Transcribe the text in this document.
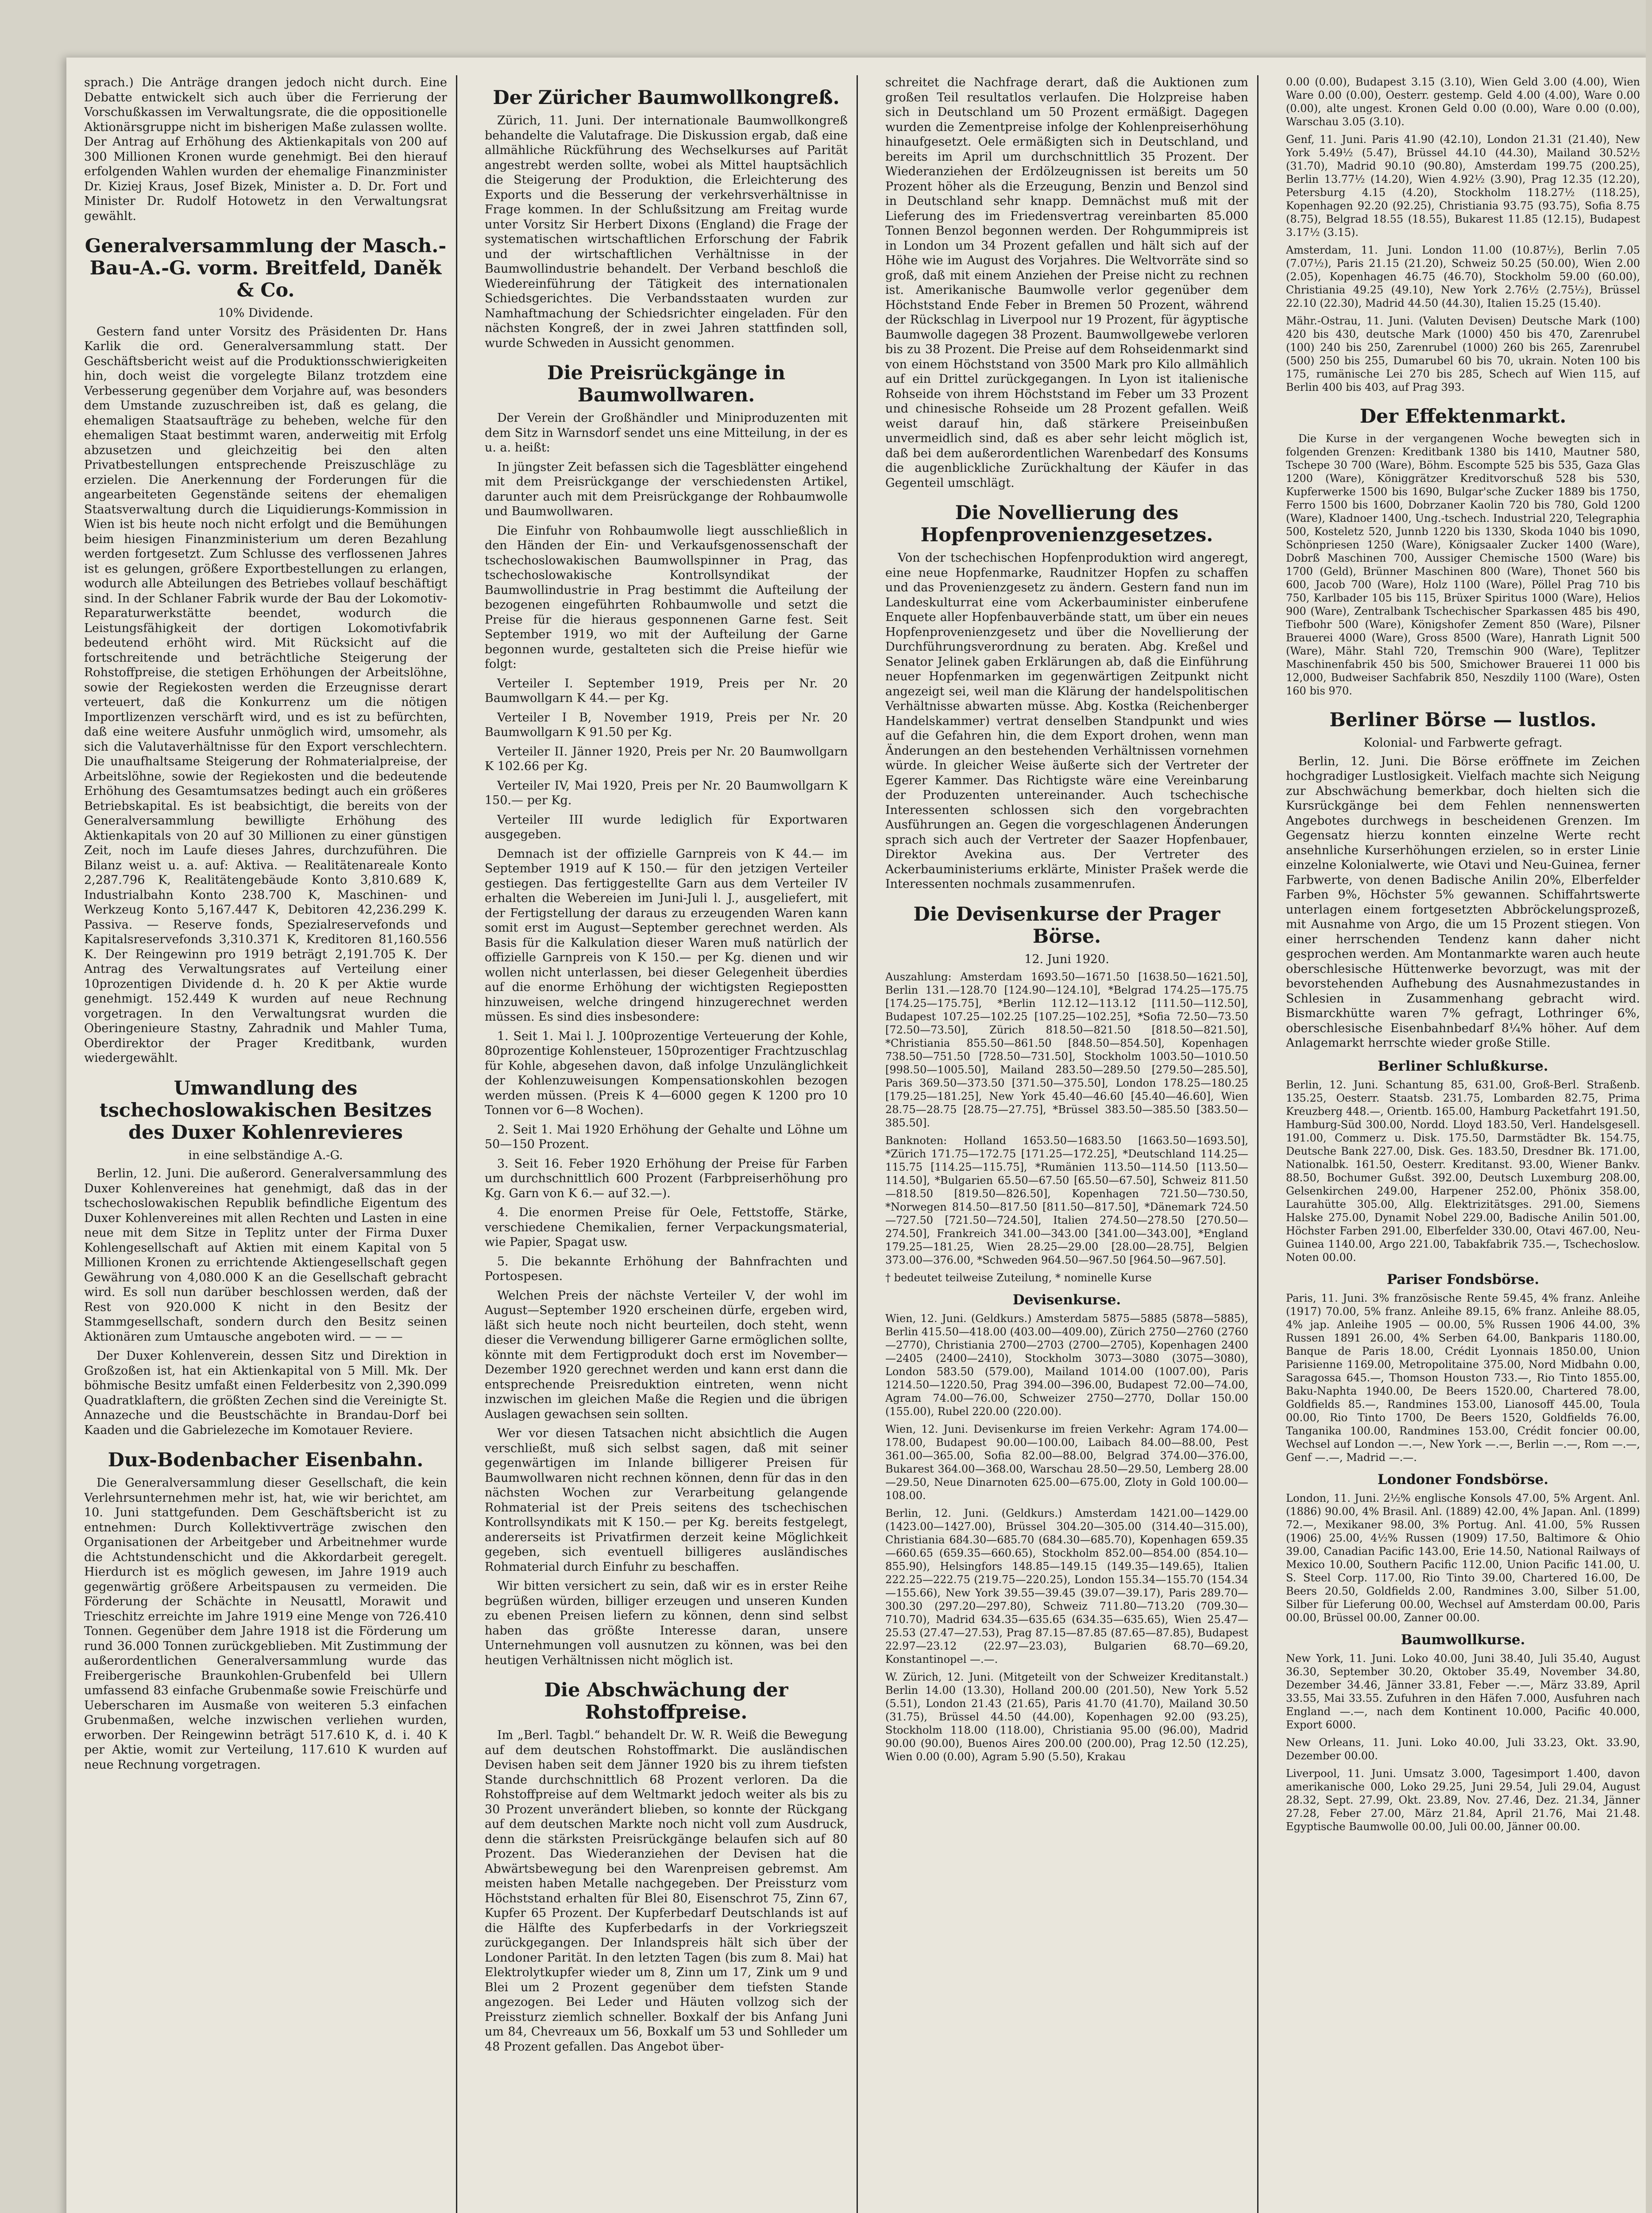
sprach.) Die Anträge drangen jedoch nicht durch. Eine Debatte entwickelt sich auch über die Ferrierung der Vorschußkassen im Verwaltungsrate, die die oppositionelle Aktionärsgruppe nicht im bisherigen Maße zulassen wollte. Der Antrag auf Erhöhung des Aktienkapitals von 200 auf 300 Millionen Kronen wurde genehmigt. Bei den hierauf erfolgenden Wahlen wurden der ehemalige Finanzminister Dr. Kiziej Kraus, Josef Bizek, Minister a. D. Dr. Fort und Minister Dr. Rudolf Hotowetz in den Verwaltungsrat gewählt.

Generalversammlung der Masch.-Bau-A.-G. vorm. Breitfeld, Daněk & Co.

10% Dividende.

Gestern fand unter Vorsitz des Präsidenten Dr. Hans Karlik die ord. Generalversammlung statt. Der Geschäftsbericht weist auf die Produktionsschwierigkeiten hin, doch weist die vorgelegte Bilanz trotzdem eine Verbesserung gegenüber dem Vorjahre auf, was besonders dem Umstande zuzuschreiben ist, daß es gelang, die ehemaligen Staatsaufträge zu beheben, welche für den ehemaligen Staat bestimmt waren, anderweitig mit Erfolg abzusetzen und gleichzeitig bei den alten Privatbestellungen entsprechende Preiszuschläge zu erzielen. Die Anerkennung der Forderungen für die angearbeiteten Gegenstände seitens der ehemaligen Staatsverwaltung durch die Liquidierungs-Kommission in Wien ist bis heute noch nicht erfolgt und die Bemühungen beim hiesigen Finanzministerium um deren Bezahlung werden fortgesetzt. Zum Schlusse des verflossenen Jahres ist es gelungen, größere Exportbestellungen zu erlangen, wodurch alle Abteilungen des Betriebes vollauf beschäftigt sind. In der Schlaner Fabrik wurde der Bau der Lokomotiv-Reparaturwerkstätte beendet, wodurch die Leistungsfähigkeit der dortigen Lokomotivfabrik bedeutend erhöht wird. Mit Rücksicht auf die fortschreitende und beträchtliche Steigerung der Rohstoffpreise, die stetigen Erhöhungen der Arbeitslöhne, sowie der Regiekosten werden die Erzeugnisse derart verteuert, daß die Konkurrenz um die nötigen Importlizenzen verschärft wird, und es ist zu befürchten, daß eine weitere Ausfuhr unmöglich wird, umsomehr, als sich die Valutaverhältnisse für den Export verschlechtern. Die unaufhaltsame Steigerung der Rohmaterialpreise, der Arbeitslöhne, sowie der Regiekosten und die bedeutende Erhöhung des Gesamtumsatzes bedingt auch ein größeres Betriebskapital. Es ist beabsichtigt, die bereits von der Generalversammlung bewilligte Erhöhung des Aktienkapitals von 20 auf 30 Millionen zu einer günstigen Zeit, noch im Laufe dieses Jahres, durchzuführen. Die Bilanz weist u. a. auf: Aktiva. — Realitätenareale Konto 2,287.796 K, Realitätengebäude Konto 3,810.689 K, Industrialbahn Konto 238.700 K, Maschinen- und Werkzeug Konto 5,167.447 K, Debitoren 42,236.299 K. Passiva. — Reserve fonds, Spezialreservefonds und Kapitalsreservefonds 3,310.371 K, Kreditoren 81,160.556 K. Der Reingewinn pro 1919 beträgt 2,191.705 K. Der Antrag des Verwaltungsrates auf Verteilung einer 10prozentigen Dividende d. h. 20 K per Aktie wurde genehmigt. 152.449 K wurden auf neue Rechnung vorgetragen. In den Verwaltungsrat wurden die Oberingenieure Stastny, Zahradnik und Mahler Tuma, Oberdirektor der Prager Kreditbank, wurden wiedergewählt.

Umwandlung des tschechoslowakischen Besitzes des Duxer Kohlenrevieres

in eine selbständige A.-G.

Berlin, 12. Juni. Die außerord. Generalversammlung des Duxer Kohlenvereines hat genehmigt, daß das in der tschechoslowakischen Republik befindliche Eigentum des Duxer Kohlenvereines mit allen Rechten und Lasten in eine neue mit dem Sitze in Teplitz unter der Firma Duxer Kohlengesellschaft auf Aktien mit einem Kapital von 5 Millionen Kronen zu errichtende Aktiengesellschaft gegen Gewährung von 4,080.000 K an die Gesellschaft gebracht wird. Es soll nun darüber beschlossen werden, daß der Rest von 920.000 K nicht in den Besitz der Stammgesellschaft, sondern durch den Besitz seinen Aktionären zum Umtausche angeboten wird. — — —

Der Duxer Kohlenverein, dessen Sitz und Direktion in Großzoßen ist, hat ein Aktienkapital von 5 Mill. Mk. Der böhmische Besitz umfaßt einen Felderbesitz von 2,390.099 Quadratklaftern, die größten Zechen sind die Vereinigte St. Annazeche und die Beustschächte in Brandau-Dorf bei Kaaden und die Gabrielezeche im Komotauer Reviere.

Dux-Bodenbacher Eisenbahn.

Die Generalversammlung dieser Gesellschaft, die kein Verlehrsunternehmen mehr ist, hat, wie wir berichtet, am 10. Juni stattgefunden. Dem Geschäftsbericht ist zu entnehmen: Durch Kollektivverträge zwischen den Organisationen der Arbeitgeber und Arbeitnehmer wurde die Achtstundenschicht und die Akkordarbeit geregelt. Hierdurch ist es möglich gewesen, im Jahre 1919 auch gegenwärtig größere Arbeitspausen zu vermeiden. Die Förderung der Schächte in Neusattl, Morawit und Trieschitz erreichte im Jahre 1919 eine Menge von 726.410 Tonnen. Gegenüber dem Jahre 1918 ist die Förderung um rund 36.000 Tonnen zurückgeblieben. Mit Zustimmung der außerordentlichen Generalversammlung wurde das Freibergerische Braunkohlen-Grubenfeld bei Ullern umfassend 83 einfache Grubenmaße sowie Freischürfe und Ueberscharen im Ausmaße von weiteren 5.3 einfachen Grubenmaßen, welche inzwischen verliehen wurden, erworben. Der Reingewinn beträgt 517.610 K, d. i. 40 K per Aktie, womit zur Verteilung, 117.610 K wurden auf neue Rechnung vorgetragen.

Der Züricher Baumwollkongreß.

Zürich, 11. Juni. Der internationale Baumwollkongreß behandelte die Valutafrage. Die Diskussion ergab, daß eine allmähliche Rückführung des Wechselkurses auf Parität angestrebt werden sollte, wobei als Mittel hauptsächlich die Steigerung der Produktion, die Erleichterung des Exports und die Besserung der verkehrsverhältnisse in Frage kommen. In der Schlußsitzung am Freitag wurde unter Vorsitz Sir Herbert Dixons (England) die Frage der systematischen wirtschaftlichen Erforschung der Fabrik und der wirtschaftlichen Verhältnisse in der Baumwollindustrie behandelt. Der Verband beschloß die Wiedereinführung der Tätigkeit des internationalen Schiedsgerichtes. Die Verbandsstaaten wurden zur Namhaftmachung der Schiedsrichter eingeladen. Für den nächsten Kongreß, der in zwei Jahren stattfinden soll, wurde Schweden in Aussicht genommen.

Die Preisrückgänge in Baumwollwaren.

Der Verein der Großhändler und Miniproduzenten mit dem Sitz in Warnsdorf sendet uns eine Mitteilung, in der es u. a. heißt:

In jüngster Zeit befassen sich die Tagesblätter eingehend mit dem Preisrückgange der verschiedensten Artikel, darunter auch mit dem Preisrückgange der Rohbaumwolle und Baumwollwaren.

Die Einfuhr von Rohbaumwolle liegt ausschließlich in den Händen der Ein- und Verkaufsgenossenschaft der tschechoslowakischen Baumwollspinner in Prag, das tschechoslowakische Kontrollsyndikat der Baumwollindustrie in Prag bestimmt die Aufteilung der bezogenen eingeführten Rohbaumwolle und setzt die Preise für die hieraus gesponnenen Garne fest. Seit September 1919, wo mit der Aufteilung der Garne begonnen wurde, gestalteten sich die Preise hiefür wie folgt:

Verteiler I. September 1919, Preis per Nr. 20 Baumwollgarn K 44.— per Kg.

Verteiler I B, November 1919, Preis per Nr. 20 Baumwollgarn K 91.50 per Kg.

Verteiler II. Jänner 1920, Preis per Nr. 20 Baumwollgarn K 102.66 per Kg.

Verteiler IV, Mai 1920, Preis per Nr. 20 Baumwollgarn K 150.— per Kg.

Verteiler III wurde lediglich für Exportwaren ausgegeben.

Demnach ist der offizielle Garnpreis von K 44.— im September 1919 auf K 150.— für den jetzigen Verteiler gestiegen. Das fertiggestellte Garn aus dem Verteiler IV erhalten die Webereien im Juni-Juli l. J., ausgeliefert, mit der Fertigstellung der daraus zu erzeugenden Waren kann somit erst im August—September gerechnet werden. Als Basis für die Kalkulation dieser Waren muß natürlich der offizielle Garnpreis von K 150.— per Kg. dienen und wir wollen nicht unterlassen, bei dieser Gelegenheit überdies auf die enorme Erhöhung der wichtigsten Regiepostten hinzuweisen, welche dringend hinzugerechnet werden müssen. Es sind dies insbesondere:

1. Seit 1. Mai l. J. 100prozentige Verteuerung der Kohle, 80prozentige Kohlensteuer, 150prozentiger Frachtzuschlag für Kohle, abgesehen davon, daß infolge Unzulänglichkeit der Kohlenzuweisungen Kompensationskohlen bezogen werden müssen. (Preis K 4—6000 gegen K 1200 pro 10 Tonnen vor 6—8 Wochen).

2. Seit 1. Mai 1920 Erhöhung der Gehalte und Löhne um 50—150 Prozent.

3. Seit 16. Feber 1920 Erhöhung der Preise für Farben um durchschnittlich 600 Prozent (Farbpreiserhöhung pro Kg. Garn von K 6.— auf 32.—).

4. Die enormen Preise für Oele, Fettstoffe, Stärke, verschiedene Chemikalien, ferner Verpackungsmaterial, wie Papier, Spagat usw.

5. Die bekannte Erhöhung der Bahnfrachten und Portospesen.

Welchen Preis der nächste Verteiler V, der wohl im August—September 1920 erscheinen dürfe, ergeben wird, läßt sich heute noch nicht beurteilen, doch steht, wenn dieser die Verwendung billigerer Garne ermöglichen sollte, könnte mit dem Fertigprodukt doch erst im November—Dezember 1920 gerechnet werden und kann erst dann die entsprechende Preisreduktion eintreten, wenn nicht inzwischen im gleichen Maße die Regien und die übrigen Auslagen gewachsen sein sollten.

Wer vor diesen Tatsachen nicht absichtlich die Augen verschließt, muß sich selbst sagen, daß mit seiner gegenwärtigen im Inlande billigerer Preisen für Baumwollwaren nicht rechnen können, denn für das in den nächsten Wochen zur Verarbeitung gelangende Rohmaterial ist der Preis seitens des tschechischen Kontrollsyndikats mit K 150.— per Kg. bereits festgelegt, andererseits ist Privatfirmen derzeit keine Möglichkeit gegeben, sich eventuell billigeres ausländisches Rohmaterial durch Einfuhr zu beschaffen.

Wir bitten versichert zu sein, daß wir es in erster Reihe begrüßen würden, billiger erzeugen und unseren Kunden zu ebenen Preisen liefern zu können, denn sind selbst haben das größte Interesse daran, unsere Unternehmungen voll ausnutzen zu können, was bei den heutigen Verhältnissen nicht möglich ist.

Die Abschwächung der Rohstoffpreise.

Im „Berl. Tagbl.“ behandelt Dr. W. R. Weiß die Bewegung auf dem deutschen Rohstoffmarkt. Die ausländischen Devisen haben seit dem Jänner 1920 bis zu ihrem tiefsten Stande durchschnittlich 68 Prozent verloren. Da die Rohstoffpreise auf dem Weltmarkt jedoch weiter als bis zu 30 Prozent unverändert blieben, so konnte der Rückgang auf dem deutschen Markte noch nicht voll zum Ausdruck, denn die stärksten Preisrückgänge belaufen sich auf 80 Prozent. Das Wiederanziehen der Devisen hat die Abwärtsbewegung bei den Warenpreisen gebremst. Am meisten haben Metalle nachgegeben. Der Preissturz vom Höchststand erhalten für Blei 80, Eisenschrot 75, Zinn 67, Kupfer 65 Prozent. Der Kupferbedarf Deutschlands ist auf die Hälfte des Kupferbedarfs in der Vorkriegszeit zurückgegangen. Der Inlandspreis hält sich über der Londoner Parität. In den letzten Tagen (bis zum 8. Mai) hat Elektrolytkupfer wieder um 8, Zinn um 17, Zink um 9 und Blei um 2 Prozent gegenüber dem tiefsten Stande angezogen. Bei Leder und Häuten vollzog sich der Preissturz ziemlich schneller. Boxkalf der bis Anfang Juni um 84, Chevreaux um 56, Boxkalf um 53 und Sohlleder um 48 Prozent gefallen. Das Angebot über-

schreitet die Nachfrage derart, daß die Auktionen zum großen Teil resultatlos verlaufen. Die Holzpreise haben sich in Deutschland um 50 Prozent ermäßigt. Dagegen wurden die Zementpreise infolge der Kohlenpreiserhöhung hinaufgesetzt. Oele ermäßigten sich in Deutschland, und bereits im April um durchschnittlich 35 Prozent. Der Wiederanziehen der Erdölzeugnissen ist bereits um 50 Prozent höher als die Erzeugung, Benzin und Benzol sind in Deutschland sehr knapp. Demnächst muß mit der Lieferung des im Friedensvertrag vereinbarten 85.000 Tonnen Benzol begonnen werden. Der Rohgummipreis ist in London um 34 Prozent gefallen und hält sich auf der Höhe wie im August des Vorjahres. Die Weltvorräte sind so groß, daß mit einem Anziehen der Preise nicht zu rechnen ist. Amerikanische Baumwolle verlor gegenüber dem Höchststand Ende Feber in Bremen 50 Prozent, während der Rückschlag in Liverpool nur 19 Prozent, für ägyptische Baumwolle dagegen 38 Prozent. Baumwollgewebe verloren bis zu 38 Prozent. Die Preise auf dem Rohseidenmarkt sind von einem Höchststand von 3500 Mark pro Kilo allmählich auf ein Drittel zurückgegangen. In Lyon ist italienische Rohseide von ihrem Höchststand im Feber um 33 Prozent und chinesische Rohseide um 28 Prozent gefallen. Weiß weist darauf hin, daß stärkere Preiseinbußen unvermeidlich sind, daß es aber sehr leicht möglich ist, daß bei dem außerordentlichen Warenbedarf des Konsums die augenblickliche Zurückhaltung der Käufer in das Gegenteil umschlägt.

Die Novellierung des Hopfenprovenienzgesetzes.

Von der tschechischen Hopfenproduktion wird angeregt, eine neue Hopfenmarke, Raudnitzer Hopfen zu schaffen und das Provenienzgesetz zu ändern. Gestern fand nun im Landeskulturrat eine vom Ackerbauminister einberufene Enquete aller Hopfenbauverbände statt, um über ein neues Hopfenprovenienzgesetz und über die Novellierung der Durchführungsverordnung zu beraten. Abg. Kreßel und Senator Jelinek gaben Erklärungen ab, daß die Einführung neuer Hopfenmarken im gegenwärtigen Zeitpunkt nicht angezeigt sei, weil man die Klärung der handelspolitischen Verhältnisse abwarten müsse. Abg. Kostka (Reichenberger Handelskammer) vertrat denselben Standpunkt und wies auf die Gefahren hin, die dem Export drohen, wenn man Änderungen an den bestehenden Verhältnissen vornehmen würde. In gleicher Weise äußerte sich der Vertreter der Egerer Kammer. Das Richtigste wäre eine Vereinbarung der Produzenten untereinander. Auch tschechische Interessenten schlossen sich den vorgebrachten Ausführungen an. Gegen die vorgeschlagenen Änderungen sprach sich auch der Vertreter der Saazer Hopfenbauer, Direktor Avekina aus. Der Vertreter des Ackerbauministeriums erklärte, Minister Prašek werde die Interessenten nochmals zusammenrufen.

Die Devisenkurse der Prager Börse.

12. Juni 1920.

Auszahlung: Amsterdam 1693.50—1671.50 [1638.50—1621.50], Berlin 131.—128.70 [124.90—124.10], *Belgrad 174.25—175.75 [174.25—175.75], *Berlin 112.12—113.12 [111.50—112.50], Budapest 107.25—102.25 [107.25—102.25], *Sofia 72.50—73.50 [72.50—73.50], Zürich 818.50—821.50 [818.50—821.50], *Christiania 855.50—861.50 [848.50—854.50], Kopenhagen 738.50—751.50 [728.50—731.50], Stockholm 1003.50—1010.50 [998.50—1005.50], Mailand 283.50—289.50 [279.50—285.50], Paris 369.50—373.50 [371.50—375.50], London 178.25—180.25 [179.25—181.25], New York 45.40—46.60 [45.40—46.60], Wien 28.75—28.75 [28.75—27.75], *Brüssel 383.50—385.50 [383.50—385.50].

Banknoten: Holland 1653.50—1683.50 [1663.50—1693.50], *Zürich 171.75—172.75 [171.25—172.25], *Deutschland 114.25—115.75 [114.25—115.75], *Rumänien 113.50—114.50 [113.50—114.50], *Bulgarien 65.50—67.50 [65.50—67.50], Schweiz 811.50—818.50 [819.50—826.50], Kopenhagen 721.50—730.50, *Norwegen 814.50—817.50 [811.50—817.50], *Dänemark 724.50—727.50 [721.50—724.50], Italien 274.50—278.50 [270.50—274.50], Frankreich 341.00—343.00 [341.00—343.00], *England 179.25—181.25, Wien 28.25—29.00 [28.00—28.75], Belgien 373.00—376.00, *Schweden 964.50—967.50 [964.50—967.50].

† bedeutet teilweise Zuteilung, * nominelle Kurse

Devisenkurse.

Wien, 12. Juni. (Geldkurs.) Amsterdam 5875—5885 (5878—5885), Berlin 415.50—418.00 (403.00—409.00), Zürich 2750—2760 (2760—2770), Christiania 2700—2703 (2700—2705), Kopenhagen 2400—2405 (2400—2410), Stockholm 3073—3080 (3075—3080), London 583.50 (579.00), Mailand 1014.00 (1007.00), Paris 1214.50—1220.50, Prag 394.00—396.00, Budapest 72.00—74.00, Agram 74.00—76.00, Schweizer 2750—2770, Dollar 150.00 (155.00), Rubel 220.00 (220.00).

Wien, 12. Juni. Devisenkurse im freien Verkehr: Agram 174.00—178.00, Budapest 90.00—100.00, Laibach 84.00—88.00, Pest 361.00—365.00, Sofia 82.00—88.00, Belgrad 374.00—376.00, Bukarest 364.00—368.00, Warschau 28.50—29.50, Lemberg 28.00—29.50, Neue Dinarnoten 625.00—675.00, Zloty in Gold 100.00—108.00.

Berlin, 12. Juni. (Geldkurs.) Amsterdam 1421.00—1429.00 (1423.00—1427.00), Brüssel 304.20—305.00 (314.40—315.00), Christiania 684.30—685.70 (684.30—685.70), Kopenhagen 659.35—660.65 (659.35—660.65), Stockholm 852.00—854.00 (854.10—855.90), Helsingfors 148.85—149.15 (149.35—149.65), Italien 222.25—222.75 (219.75—220.25), London 155.34—155.70 (154.34—155.66), New York 39.55—39.45 (39.07—39.17), Paris 289.70—300.30 (297.20—297.80), Schweiz 711.80—713.20 (709.30—710.70), Madrid 634.35—635.65 (634.35—635.65), Wien 25.47—25.53 (27.47—27.53), Prag 87.15—87.85 (87.65—87.85), Budapest 22.97—23.12 (22.97—23.03), Bulgarien 68.70—69.20, Konstantinopel —.—.

W. Zürich, 12. Juni. (Mitgeteilt von der Schweizer Kreditanstalt.) Berlin 14.00 (13.30), Holland 200.00 (201.50), New York 5.52 (5.51), London 21.43 (21.65), Paris 41.70 (41.70), Mailand 30.50 (31.75), Brüssel 44.50 (44.00), Kopenhagen 92.00 (93.25), Stockholm 118.00 (118.00), Christiania 95.00 (96.00), Madrid 90.00 (90.00), Buenos Aires 200.00 (200.00), Prag 12.50 (12.25), Wien 0.00 (0.00), Agram 5.90 (5.50), Krakau

0.00 (0.00), Budapest 3.15 (3.10), Wien Geld 3.00 (4.00), Wien Ware 0.00 (0.00), Oesterr. gestemp. Geld 4.00 (4.00), Ware 0.00 (0.00), alte ungest. Kronen Geld 0.00 (0.00), Ware 0.00 (0.00), Warschau 3.05 (3.10).

Genf, 11. Juni. Paris 41.90 (42.10), London 21.31 (21.40), New York 5.49½ (5.47), Brüssel 44.10 (44.30), Mailand 30.52½ (31.70), Madrid 90.10 (90.80), Amsterdam 199.75 (200.25), Berlin 13.77½ (14.20), Wien 4.92½ (3.90), Prag 12.35 (12.20), Petersburg 4.15 (4.20), Stockholm 118.27½ (118.25), Kopenhagen 92.20 (92.25), Christiania 93.75 (93.75), Sofia 8.75 (8.75), Belgrad 18.55 (18.55), Bukarest 11.85 (12.15), Budapest 3.17½ (3.15).

Amsterdam, 11. Juni. London 11.00 (10.87½), Berlin 7.05 (7.07½), Paris 21.15 (21.20), Schweiz 50.25 (50.00), Wien 2.00 (2.05), Kopenhagen 46.75 (46.70), Stockholm 59.00 (60.00), Christiania 49.25 (49.10), New York 2.76½ (2.75½), Brüssel 22.10 (22.30), Madrid 44.50 (44.30), Italien 15.25 (15.40).

Mähr.-Ostrau, 11. Juni. (Valuten Devisen) Deutsche Mark (100) 420 bis 430, deutsche Mark (1000) 450 bis 470, Zarenrubel (100) 240 bis 250, Zarenrubel (1000) 260 bis 265, Zarenrubel (500) 250 bis 255, Dumarubel 60 bis 70, ukrain. Noten 100 bis 175, rumänische Lei 270 bis 285, Schech auf Wien 115, auf Berlin 400 bis 403, auf Prag 393.

Der Effektenmarkt.

Die Kurse in der vergangenen Woche bewegten sich in folgenden Grenzen: Kreditbank 1380 bis 1410, Mautner 580, Tschepe 30 700 (Ware), Böhm. Escompte 525 bis 535, Gaza Glas 1200 (Ware), Königgrätzer Kreditvorschuß 528 bis 530, Kupferwerke 1500 bis 1690, Bulgar'sche Zucker 1889 bis 1750, Ferro 1500 bis 1600, Dobrzaner Kaolin 720 bis 780, Gold 1200 (Ware), Kladnoer 1400, Ung.-tschech. Industrial 220, Telegraphia 500, Kosteletz 520, Junnb 1220 bis 1330, Skoda 1040 bis 1090, Schönpriesen 1250 (Ware), Königsaaler Zucker 1400 (Ware), Dobrß Maschinen 700, Aussiger Chemische 1500 (Ware) bis 1700 (Geld), Brünner Maschinen 800 (Ware), Thonet 560 bis 600, Jacob 700 (Ware), Holz 1100 (Ware), Pöllel Prag 710 bis 750, Karlbader 105 bis 115, Brüxer Spiritus 1000 (Ware), Helios 900 (Ware), Zentralbank Tschechischer Sparkassen 485 bis 490, Tiefbohr 500 (Ware), Königshofer Zement 850 (Ware), Pilsner Brauerei 4000 (Ware), Gross 8500 (Ware), Hanrath Lignit 500 (Ware), Mähr. Stahl 720, Tremschin 900 (Ware), Teplitzer Maschinenfabrik 450 bis 500, Smichower Brauerei 11 000 bis 12,000, Budweiser Sachfabrik 850, Neszdily 1100 (Ware), Osten 160 bis 970.

Berliner Börse — lustlos.

Kolonial- und Farbwerte gefragt.

Berlin, 12. Juni. Die Börse eröffnete im Zeichen hochgradiger Lustlosigkeit. Vielfach machte sich Neigung zur Abschwächung bemerkbar, doch hielten sich die Kursrückgänge bei dem Fehlen nennenswerten Angebotes durchwegs in bescheidenen Grenzen. Im Gegensatz hierzu konnten einzelne Werte recht ansehnliche Kurserhöhungen erzielen, so in erster Linie einzelne Kolonialwerte, wie Otavi und Neu-Guinea, ferner Farbwerte, von denen Badische Anilin 20%, Elberfelder Farben 9%, Höchster 5% gewannen. Schiffahrtswerte unterlagen einem fortgesetzten Abbröckelungsprozeß, mit Ausnahme von Argo, die um 15 Prozent stiegen. Von einer herrschenden Tendenz kann daher nicht gesprochen werden. Am Montanmarkte waren auch heute oberschlesische Hüttenwerke bevorzugt, was mit der bevorstehenden Aufhebung des Ausnahmezustandes in Schlesien in Zusammenhang gebracht wird. Bismarckhütte waren 7% gefragt, Lothringer 6%, oberschlesische Eisenbahnbedarf 8¼% höher. Auf dem Anlagemarkt herrschte wieder große Stille.

Berliner Schlußkurse.

Berlin, 12. Juni. Schantung 85, 631.00, Groß-Berl. Straßenb. 135.25, Oesterr. Staatsb. 231.75, Lombarden 82.75, Prima Kreuzberg 448.—, Orientb. 165.00, Hamburg Packetfahrt 191.50, Hamburg-Süd 300.00, Nordd. Lloyd 183.50, Verl. Handelsgesell. 191.00, Commerz u. Disk. 175.50, Darmstädter Bk. 154.75, Deutsche Bank 227.00, Disk. Ges. 183.50, Dresdner Bk. 171.00, Nationalbk. 161.50, Oesterr. Kreditanst. 93.00, Wiener Bankv. 88.50, Bochumer Gußst. 392.00, Deutsch Luxemburg 208.00, Gelsenkirchen 249.00, Harpener 252.00, Phönix 358.00, Laurahütte 305.00, Allg. Elektrizitätsges. 291.00, Siemens Halske 275.00, Dynamit Nobel 229.00, Badische Anilin 501.00, Höchster Farben 291.00, Elberfelder 330.00, Otavi 467.00, Neu-Guinea 1140.00, Argo 221.00, Tabakfabrik 735.—, Tschechoslow. Noten 00.00.

Pariser Fondsbörse.

Paris, 11. Juni. 3% französische Rente 59.45, 4% franz. Anleihe (1917) 70.00, 5% franz. Anleihe 89.15, 6% franz. Anleihe 88.05, 4% jap. Anleihe 1905 — 00.00, 5% Russen 1906 44.00, 3% Russen 1891 26.00, 4% Serben 64.00, Bankparis 1180.00, Banque de Paris 18.00, Crédit Lyonnais 1850.00, Union Parisienne 1169.00, Metropolitaine 375.00, Nord Midbahn 0.00, Saragossa 645.—, Thomson Houston 733.—, Rio Tinto 1855.00, Baku-Naphta 1940.00, De Beers 1520.00, Chartered 78.00, Goldfields 85.—, Randmines 153.00, Lianosoff 445.00, Toula 00.00, Rio Tinto 1700, De Beers 1520, Goldfields 76.00, Tanganika 100.00, Randmines 153.00, Crédit foncier 00.00, Wechsel auf London —.—, New York —.—, Berlin —.—, Rom —.—, Genf —.—, Madrid —.—.

Londoner Fondsbörse.

London, 11. Juni. 2½% englische Konsols 47.00, 5% Argent. Anl. (1886) 90.00, 4% Brasil. Anl. (1889) 42.00, 4% Japan. Anl. (1899) 72.—, Mexikaner 98.00, 3% Portug. Anl. 41.00, 5% Russen (1906) 25.00, 4½% Russen (1909) 17.50, Baltimore & Ohio 39.00, Canadian Pacific 143.00, Erie 14.50, National Railways of Mexico 10.00, Southern Pacific 112.00, Union Pacific 141.00, U. S. Steel Corp. 117.00, Rio Tinto 39.00, Chartered 16.00, De Beers 20.50, Goldfields 2.00, Randmines 3.00, Silber 51.00, Silber für Lieferung 00.00, Wechsel auf Amsterdam 00.00, Paris 00.00, Brüssel 00.00, Zanner 00.00.

Baumwollkurse.

New York, 11. Juni. Loko 40.00, Juni 38.40, Juli 35.40, August 36.30, September 30.20, Oktober 35.49, November 34.80, Dezember 34.46, Jänner 33.81, Feber —.—, März 33.89, April 33.55, Mai 33.55. Zufuhren in den Häfen 7.000, Ausfuhren nach England —.—, nach dem Kontinent 10.000, Pacific 40.000, Export 6000.

New Orleans, 11. Juni. Loko 40.00, Juli 33.23, Okt. 33.90, Dezember 00.00.

Liverpool, 11. Juni. Umsatz 3.000, Tagesimport 1.400, davon amerikanische 000, Loko 29.25, Juni 29.54, Juli 29.04, August 28.32, Sept. 27.99, Okt. 23.89, Nov. 27.46, Dez. 21.34, Jänner 27.28, Feber 27.00, März 21.84, April 21.76, Mai 21.48. Egyptische Baumwolle 00.00, Juli 00.00, Jänner 00.00.
